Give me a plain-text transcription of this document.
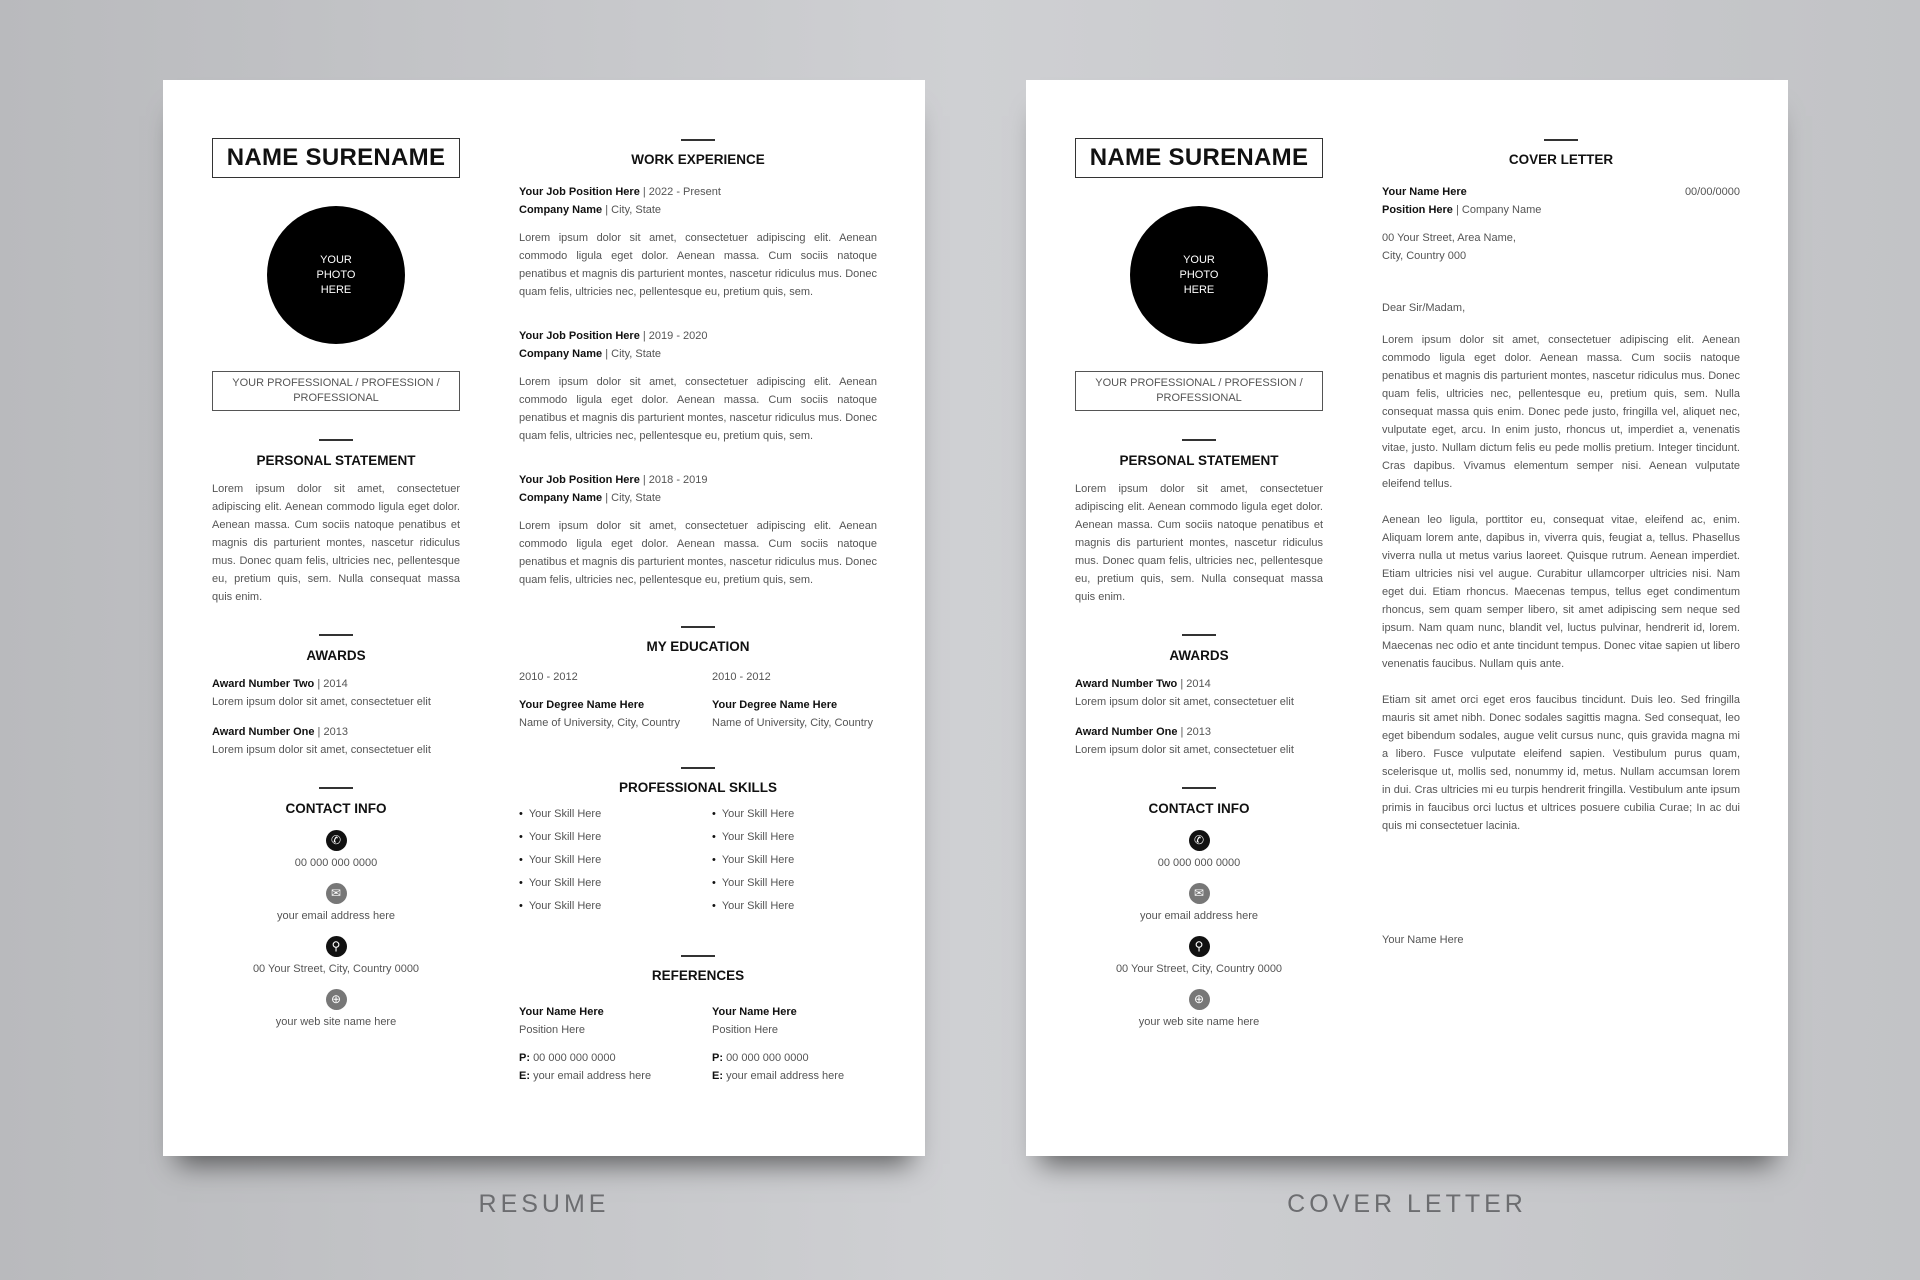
NAME SURENAME
YOUR
PHOTO
HERE
YOUR PROFESSIONAL / PROFESSION /
PROFESSIONAL
PERSONAL STATEMENT
Lorem ipsum dolor sit amet, consectetuer adipiscing elit. Aenean commodo ligula eget dolor. Aenean massa. Cum sociis natoque penatibus et magnis dis parturient montes, nascetur ridiculus mus. Donec quam felis, ultricies nec, pellentesque eu, pretium quis, sem. Nulla consequat massa quis enim.
AWARDS
Award Number Two | 2014
Lorem ipsum dolor sit amet, consectetuer elit
Award Number One | 2013
Lorem ipsum dolor sit amet, consectetuer elit
CONTACT INFO
✆
00 000 000 0000
✉
your email address here
⚲
00 Your Street, City, Country 0000
⊕
your web site name here
WORK EXPERIENCE
Your Job Position Here | 2022 - Present
Company Name | City, State
Lorem ipsum dolor sit amet, consectetuer adipiscing elit. Aenean commodo ligula eget dolor. Aenean massa. Cum sociis natoque penatibus et magnis dis parturient montes, nascetur ridiculus mus. Donec quam felis, ultricies nec, pellentesque eu, pretium quis, sem.
Your Job Position Here | 2019 - 2020
Company Name | City, State
Lorem ipsum dolor sit amet, consectetuer adipiscing elit. Aenean commodo ligula eget dolor. Aenean massa. Cum sociis natoque penatibus et magnis dis parturient montes, nascetur ridiculus mus. Donec quam felis, ultricies nec, pellentesque eu, pretium quis, sem.
Your Job Position Here | 2018 - 2019
Company Name | City, State
Lorem ipsum dolor sit amet, consectetuer adipiscing elit. Aenean commodo ligula eget dolor. Aenean massa. Cum sociis natoque penatibus et magnis dis parturient montes, nascetur ridiculus mus. Donec quam felis, ultricies nec, pellentesque eu, pretium quis, sem.
MY EDUCATION
2010 - 2012
Your Degree Name Here
Name of University, City, Country
2010 - 2012
Your Degree Name Here
Name of University, City, Country
PROFESSIONAL SKILLS
• Your Skill Here
• Your Skill Here
• Your Skill Here
• Your Skill Here
• Your Skill Here
• Your Skill Here
• Your Skill Here
• Your Skill Here
• Your Skill Here
• Your Skill Here
REFERENCES
Your Name Here
Position Here
P: 00 000 000 0000
E: your email address here
Your Name Here
Position Here
P: 00 000 000 0000
E: your email address here
NAME SURENAME
YOUR
PHOTO
HERE
YOUR PROFESSIONAL / PROFESSION /
PROFESSIONAL
PERSONAL STATEMENT
Lorem ipsum dolor sit amet, consectetuer adipiscing elit. Aenean commodo ligula eget dolor. Aenean massa. Cum sociis natoque penatibus et magnis dis parturient montes, nascetur ridiculus mus. Donec quam felis, ultricies nec, pellentesque eu, pretium quis, sem. Nulla consequat massa quis enim.
AWARDS
Award Number Two | 2014
Lorem ipsum dolor sit amet, consectetuer elit
Award Number One | 2013
Lorem ipsum dolor sit amet, consectetuer elit
CONTACT INFO
✆
00 000 000 0000
✉
your email address here
⚲
00 Your Street, City, Country 0000
⊕
your web site name here
COVER LETTER
Your Name Here	00/00/0000
Position Here | Company Name
00 Your Street, Area Name,
City, Country 000
Dear Sir/Madam,
Lorem ipsum dolor sit amet, consectetuer adipiscing elit. Aenean commodo ligula eget dolor. Aenean massa. Cum sociis natoque penatibus et magnis dis parturient montes, nascetur ridiculus mus. Donec quam felis, ultricies nec, pellentesque eu, pretium quis, sem. Nulla consequat massa quis enim. Donec pede justo, fringilla vel, aliquet nec, vulputate eget, arcu. In enim justo, rhoncus ut, imperdiet a, venenatis vitae, justo. Nullam dictum felis eu pede mollis pretium. Integer tincidunt. Cras dapibus. Vivamus elementum semper nisi. Aenean vulputate eleifend tellus.
Aenean leo ligula, porttitor eu, consequat vitae, eleifend ac, enim. Aliquam lorem ante, dapibus in, viverra quis, feugiat a, tellus. Phasellus viverra nulla ut metus varius laoreet. Quisque rutrum. Aenean imperdiet. Etiam ultricies nisi vel augue. Curabitur ullamcorper ultricies nisi. Nam eget dui. Etiam rhoncus. Maecenas tempus, tellus eget condimentum rhoncus, sem quam semper libero, sit amet adipiscing sem neque sed ipsum. Nam quam nunc, blandit vel, luctus pulvinar, hendrerit id, lorem. Maecenas nec odio et ante tincidunt tempus. Donec vitae sapien ut libero venenatis faucibus. Nullam quis ante.
Etiam sit amet orci eget eros faucibus tincidunt. Duis leo. Sed fringilla mauris sit amet nibh. Donec sodales sagittis magna. Sed consequat, leo eget bibendum sodales, augue velit cursus nunc, quis gravida magna mi a libero. Fusce vulputate eleifend sapien. Vestibulum purus quam, scelerisque ut, mollis sed, nonummy id, metus. Nullam accumsan lorem in dui. Cras ultricies mi eu turpis hendrerit fringilla. Vestibulum ante ipsum primis in faucibus orci luctus et ultrices posuere cubilia Curae; In ac dui quis mi consectetuer lacinia.
Your Name Here
RESUME	COVER LETTER
